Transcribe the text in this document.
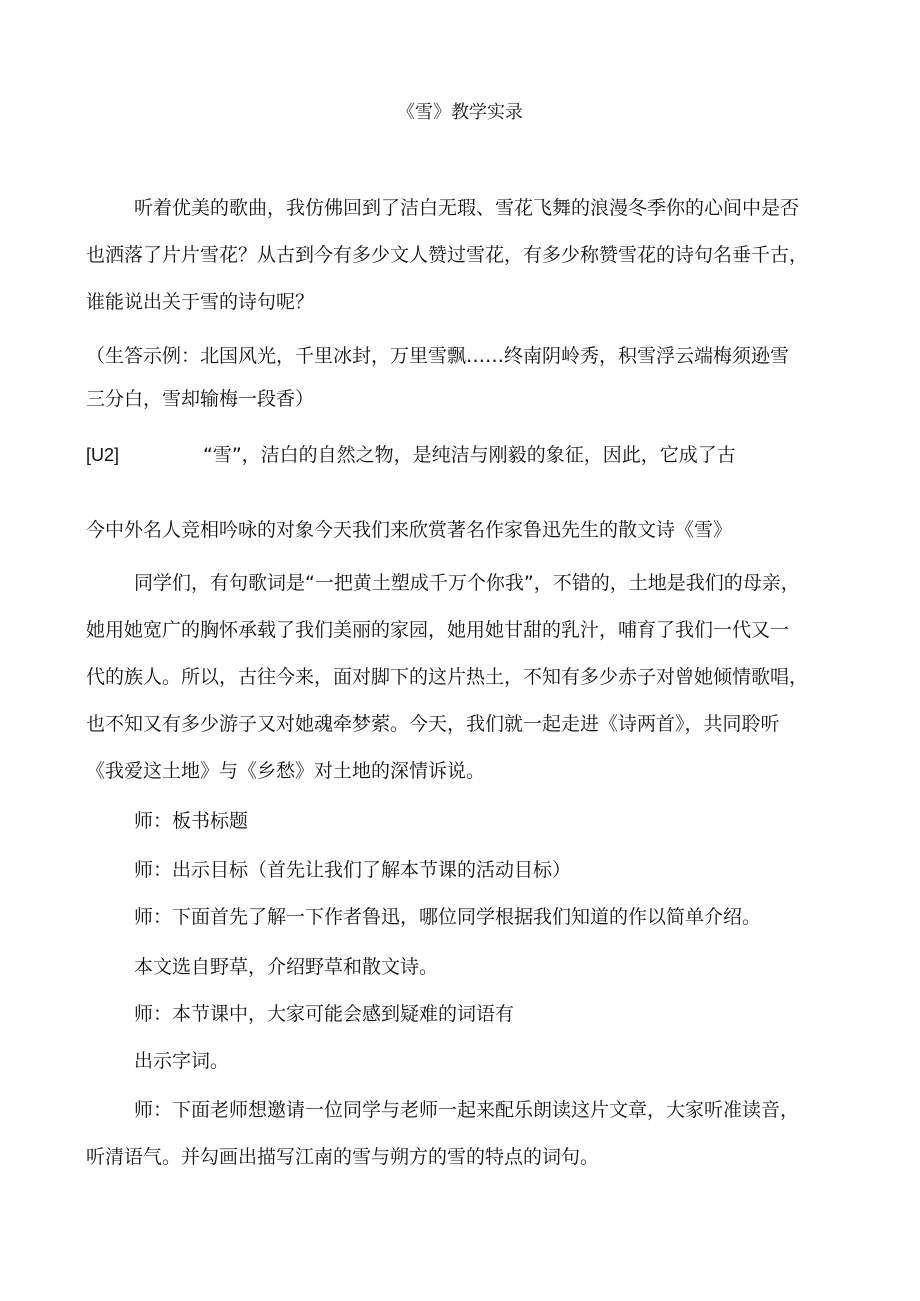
《雪》教学实录
听着优美的歌曲，我仿佛回到了洁白无瑕、雪花飞舞的浪漫冬季你的心间中是否
也洒落了片片雪花？从古到今有多少文人赞过雪花，有多少称赞雪花的诗句名垂千古，
谁能说出关于雪的诗句呢？
（生答示例：北国风光，千里冰封，万里雪飘……终南阴岭秀，积雪浮云端梅须逊雪
三分白，雪却输梅一段香）
[U2]	“雪”，洁白的自然之物，是纯洁与刚毅的象征，因此，它成了古
今中外名人竞相吟咏的对象今天我们来欣赏著名作家鲁迅先生的散文诗《雪》
同学们，有句歌词是“一把黄土塑成千万个你我”，不错的，土地是我们的母亲，
她用她宽广的胸怀承载了我们美丽的家园，她用她甘甜的乳汁，哺育了我们一代又一
代的族人。所以，古往今来，面对脚下的这片热土，不知有多少赤子对曾她倾情歌唱，
也不知又有多少游子又对她魂牵梦萦。今天，我们就一起走进《诗两首》，共同聆听
《我爱这土地》与《乡愁》对土地的深情诉说。
师：板书标题
师：出示目标（首先让我们了解本节课的活动目标）
师：下面首先了解一下作者鲁迅，哪位同学根据我们知道的作以简单介绍。
本文选自野草，介绍野草和散文诗。
师：本节课中，大家可能会感到疑难的词语有
出示字词。
师：下面老师想邀请一位同学与老师一起来配乐朗读这片文章，大家听准读音，
听清语气。并勾画出描写江南的雪与朔方的雪的特点的词句。
